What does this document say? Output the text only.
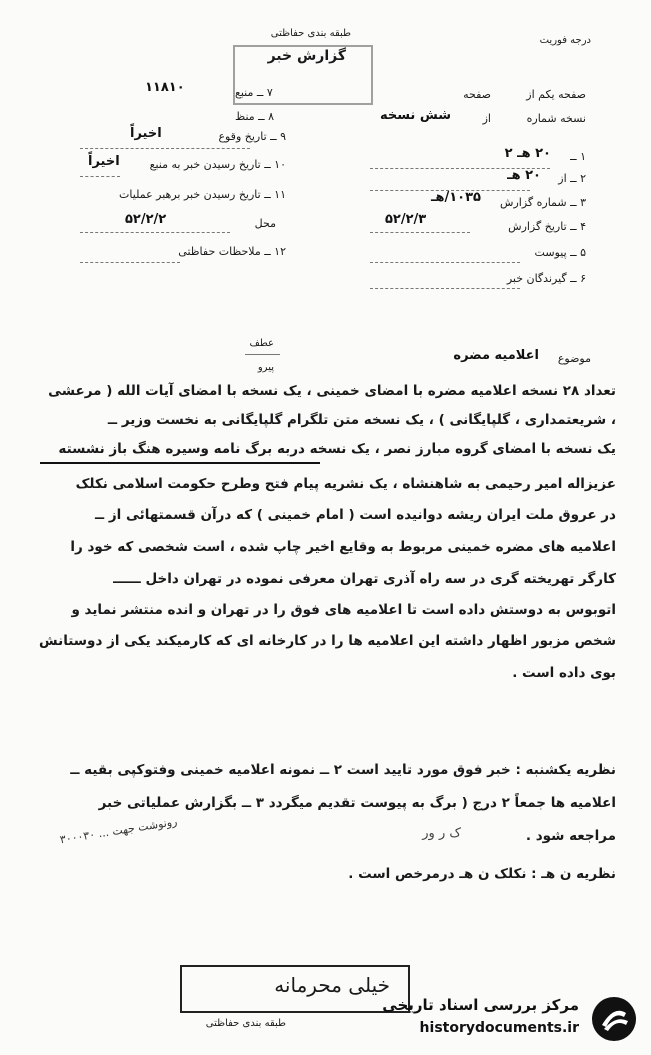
درجه فوریت
طبقه بندی حفاظتی
گزارش خبر
۱۱۸۱۰	۷ ــ منبع
۸ ــ منظ
صفحه یکم از
صفحه
نسخه شماره
از
شش نسخه
۹ ــ تاریخ وقوع
اخیراً
۱۰ ــ تاریخ رسیدن خبر به منبع
اخیراً
۱۱ ــ تاریخ رسیدن خبر برهبر عملیات
محل
۵۲/۲/۲
۱۲ ــ ملاحظات حفاظتی
۱ ــ
۲۰ هـ ۲
۲ ــ از
۲۰ هـ
۳ ــ شماره گزارش
۱۰۳۵/هـ
۴ ــ تاریخ گزارش
۵۲/۲/۳
۵ ــ پیوست
۶ ــ گیرندگان خبر
عطف
پیرو
موضوع
اعلامیه مضره
تعداد ۲۸ نسخه اعلامیه مضره با امضای خمینی ، یک نسخه با امضای آیات الله ( مرعشی
، شریعتمداری ، گلپایگانی ) ، یک نسخه متن تلگرام گلپایگانی به نخست وزیر ــ
یک نسخه با امضای گروه مبارز نصر ، یک نسخه دربه برگ نامه وسیره هنگ باز نشسته
عزیزاله امیر رحیمی به شاهنشاه ، یک نشریه پیام فتح وطرح حکومت اسلامی نکلک
در عروق ملت ایران ریشه دوانیده است ( امام خمینی ) که درآن قسمتهائی از ــ
اعلامیه های مضره خمینی مربوط به وقایع اخیر چاپ شده ، است شخصی که خود را
کارگر تهریخته گری در سه راه آذری تهران معرفی نموده در تهران داخل ــــــ
اتوبوس به دوستش داده است تا اعلامیه های فوق را در تهران و انده منتشر نماید و
شخص مزبور اظهار داشته این اعلامیه ها را در کارخانه ای که کارمیکند یکی از دوستانش
بوی داده است .
نظریه یکشنبه : خبر فوق مورد تایید است ۲ ــ نمونه اعلامیه خمینی وفتوکپی بقیه ــ
اعلامیه ها جمعاً ۲ درج ( برگ به پیوست تقدیم میگردد ۳ ــ بگزارش عملیاتی خبر
مراجعه شود .
ک ر ور
نظریه ن هـ : نکلک ن هـ درمرخص است .
رونوشت جهت ... ۳۰۰۰۳۰
خیلی محرمانه
طبقه بندی حفاظتی
مرکز بررسی اسناد تاریخی
historydocuments.ir
